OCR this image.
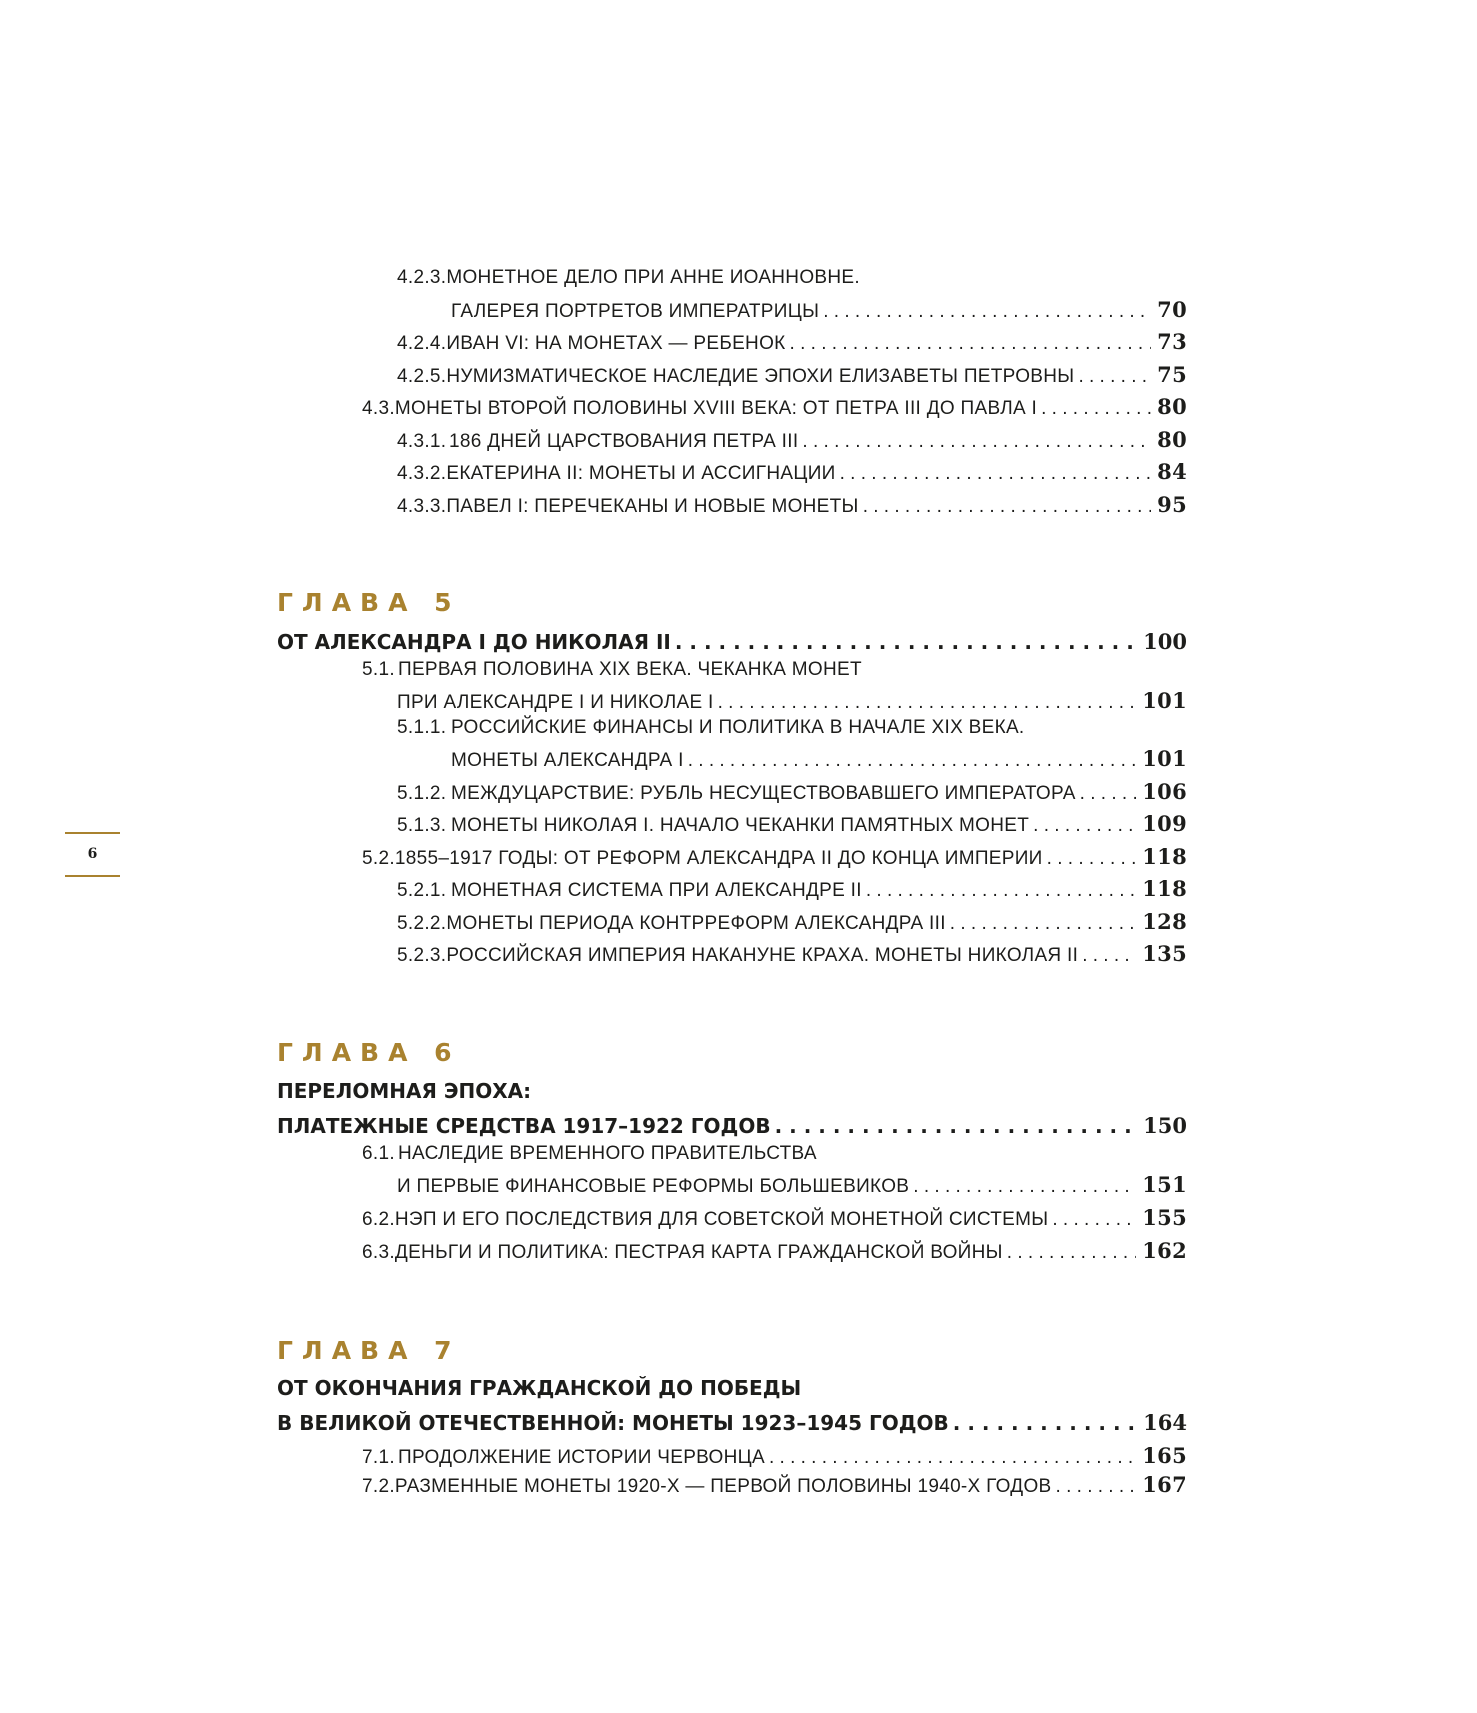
6
4.2.3.МОНЕТНОЕ ДЕЛО ПРИ АННЕ ИОАННОВНЕ.
ГАЛЕРЕЯ ПОРТРЕТОВ ИМПЕРАТРИЦЫ . . .	70
4.2.4. ИВАН VI: НА МОНЕТАХ — РЕБЕНОК . . .	73
4.2.5. НУМИЗМАТИЧЕСКОЕ НАСЛЕДИЕ ЭПОХИ ЕЛИЗАВЕТЫ ПЕТРОВНЫ . . .	75
4.3. МОНЕТЫ ВТОРОЙ ПОЛОВИНЫ XVIII ВЕКА: ОТ ПЕТРА III ДО ПАВЛА I . . .	80
4.3.1. 186 ДНЕЙ ЦАРСТВОВАНИЯ ПЕТРА III . . .	80
4.3.2. ЕКАТЕРИНА II: МОНЕТЫ И АССИГНАЦИИ . . .	84
4.3.3. ПАВЕЛ I: ПЕРЕЧЕКАНЫ И НОВЫЕ МОНЕТЫ . . .	95
ГЛАВА 5
ОТ АЛЕКСАНДРА I ДО НИКОЛАЯ II . . .	100
5.1. ПЕРВАЯ ПОЛОВИНА XIX ВЕКА. ЧЕКАНКА МОНЕТ
ПРИ АЛЕКСАНДРЕ I И НИКОЛАЕ I . . .	101
5.1.1. РОССИЙСКИЕ ФИНАНСЫ И ПОЛИТИКА В НАЧАЛЕ XIX ВЕКА.
МОНЕТЫ АЛЕКСАНДРА I . . .	101
5.1.2. МЕЖДУЦАРСТВИЕ: РУБЛЬ НЕСУЩЕСТВОВАВШЕГО ИМПЕРАТОРА . . .	106
5.1.3. МОНЕТЫ НИКОЛАЯ I. НАЧАЛО ЧЕКАНКИ ПАМЯТНЫХ МОНЕТ . . .	109
5.2. 1855–1917 ГОДЫ: ОТ РЕФОРМ АЛЕКСАНДРА II ДО КОНЦА ИМПЕРИИ . . .	118
5.2.1. МОНЕТНАЯ СИСТЕМА ПРИ АЛЕКСАНДРЕ II . . .	118
5.2.2. МОНЕТЫ ПЕРИОДА КОНТРРЕФОРМ АЛЕКСАНДРА III . . .	128
5.2.3. РОССИЙСКАЯ ИМПЕРИЯ НАКАНУНЕ КРАХА. МОНЕТЫ НИКОЛАЯ II . . .	135
ГЛАВА 6
ПЕРЕЛОМНАЯ ЭПОХА:
ПЛАТЕЖНЫЕ СРЕДСТВА 1917–1922 ГОДОВ . . .	150
6.1. НАСЛЕДИЕ ВРЕМЕННОГО ПРАВИТЕЛЬСТВА
И ПЕРВЫЕ ФИНАНСОВЫЕ РЕФОРМЫ БОЛЬШЕВИКОВ . . .	151
6.2. НЭП И ЕГО ПОСЛЕДСТВИЯ ДЛЯ СОВЕТСКОЙ МОНЕТНОЙ СИСТЕМЫ . . .	155
6.3. ДЕНЬГИ И ПОЛИТИКА: ПЕСТРАЯ КАРТА ГРАЖДАНСКОЙ ВОЙНЫ . . .	162
ГЛАВА 7
ОТ ОКОНЧАНИЯ ГРАЖДАНСКОЙ ДО ПОБЕДЫ
В ВЕЛИКОЙ ОТЕЧЕСТВЕННОЙ: МОНЕТЫ 1923–1945 ГОДОВ . . .	164
7.1. ПРОДОЛЖЕНИЕ ИСТОРИИ ЧЕРВОНЦА . . .	165
7.2. РАЗМЕННЫЕ МОНЕТЫ 1920-Х — ПЕРВОЙ ПОЛОВИНЫ 1940-Х ГОДОВ . . .	167
